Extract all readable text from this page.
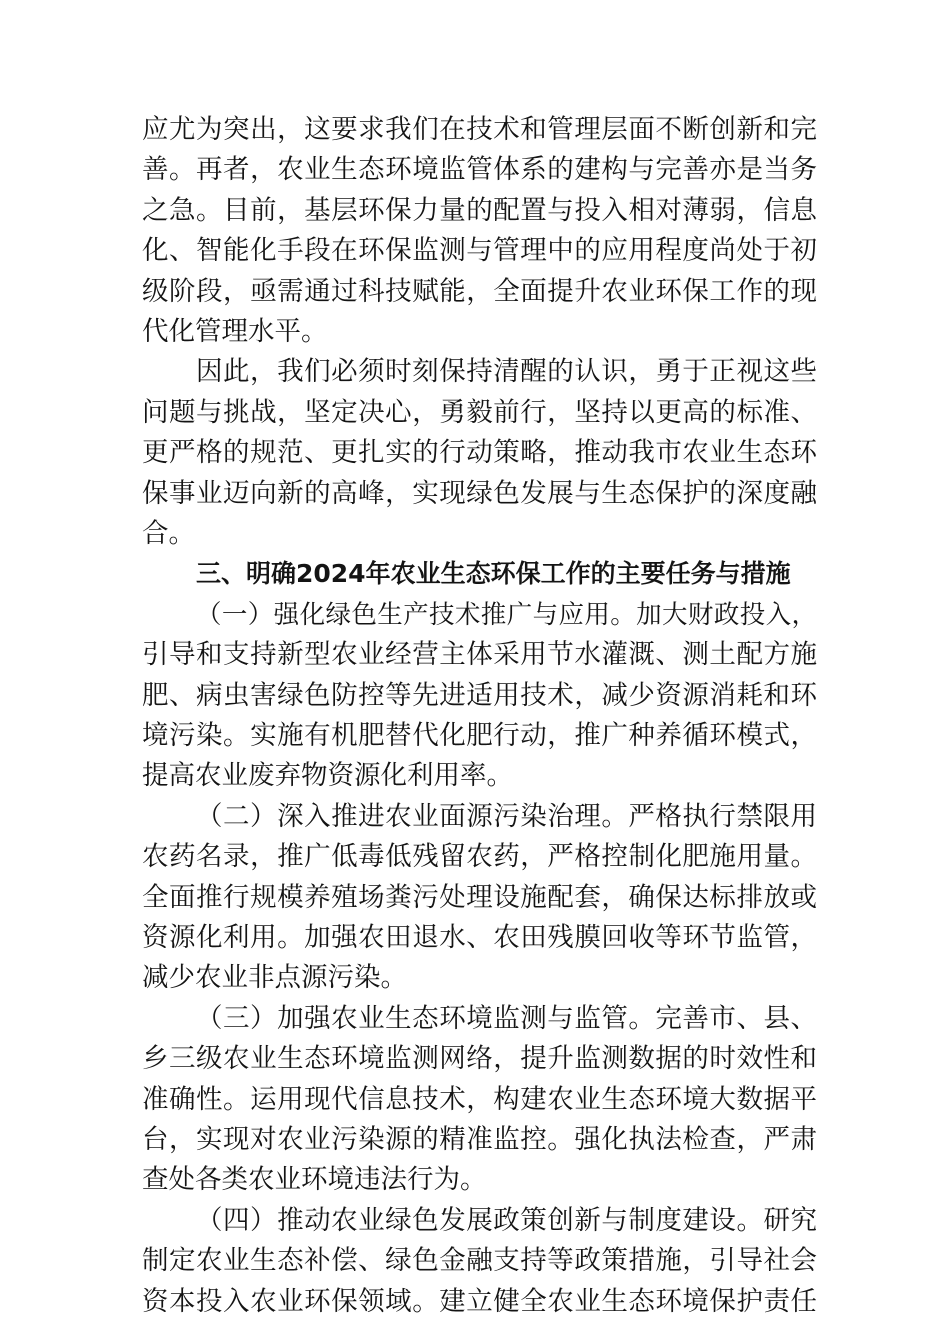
应尤为突出，这要求我们在技术和管理层面不断创新和完
善。再者，农业生态环境监管体系的建构与完善亦是当务
之急。目前，基层环保力量的配置与投入相对薄弱，信息
化、智能化手段在环保监测与管理中的应用程度尚处于初
级阶段，亟需通过科技赋能，全面提升农业环保工作的现
代化管理水平。
因此，我们必须时刻保持清醒的认识，勇于正视这些
问题与挑战，坚定决心，勇毅前行，坚持以更高的标准、
更严格的规范、更扎实的行动策略，推动我市农业生态环
保事业迈向新的高峰，实现绿色发展与生态保护的深度融
合。
三、明确2024年农业生态环保工作的主要任务与措施
（一）强化绿色生产技术推广与应用。加大财政投入，
引导和支持新型农业经营主体采用节水灌溉、测土配方施
肥、病虫害绿色防控等先进适用技术，减少资源消耗和环
境污染。实施有机肥替代化肥行动，推广种养循环模式，
提高农业废弃物资源化利用率。
（二）深入推进农业面源污染治理。严格执行禁限用
农药名录，推广低毒低残留农药，严格控制化肥施用量。
全面推行规模养殖场粪污处理设施配套，确保达标排放或
资源化利用。加强农田退水、农田残膜回收等环节监管，
减少农业非点源污染。
（三）加强农业生态环境监测与监管。完善市、县、
乡三级农业生态环境监测网络，提升监测数据的时效性和
准确性。运用现代信息技术，构建农业生态环境大数据平
台，实现对农业污染源的精准监控。强化执法检查，严肃
查处各类农业环境违法行为。
（四）推动农业绿色发展政策创新与制度建设。研究
制定农业生态补偿、绿色金融支持等政策措施，引导社会
资本投入农业环保领域。建立健全农业生态环境保护责任
